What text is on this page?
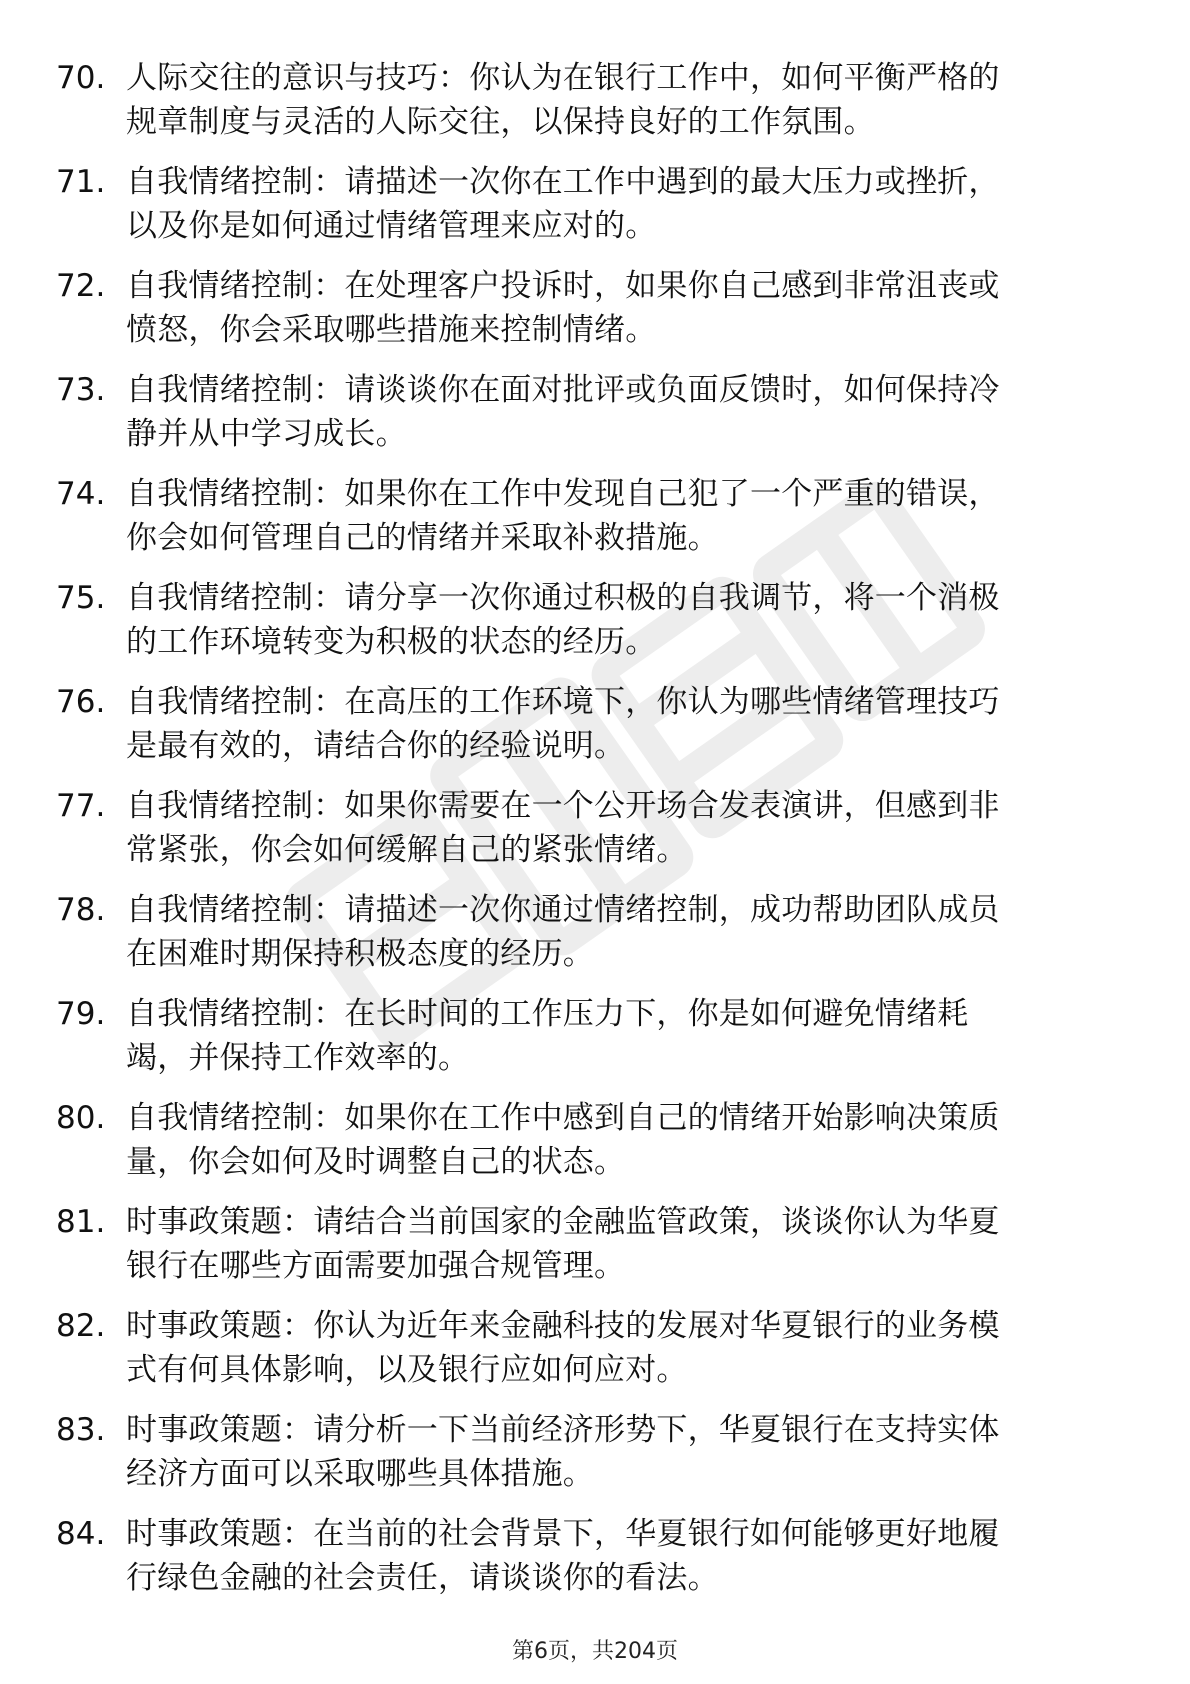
70. 人际交往的意识与技巧：你认为在银行工作中，如何平衡严格的
规章制度与灵活的人际交往，以保持良好的工作氛围。
71. 自我情绪控制：请描述一次你在工作中遇到的最大压力或挫折，
以及你是如何通过情绪管理来应对的。
72. 自我情绪控制：在处理客户投诉时，如果你自己感到非常沮丧或
愤怒，你会采取哪些措施来控制情绪。
73. 自我情绪控制：请谈谈你在面对批评或负面反馈时，如何保持冷
静并从中学习成长。
74. 自我情绪控制：如果你在工作中发现自己犯了一个严重的错误，
你会如何管理自己的情绪并采取补救措施。
75. 自我情绪控制：请分享一次你通过积极的自我调节，将一个消极
的工作环境转变为积极的状态的经历。
76. 自我情绪控制：在高压的工作环境下，你认为哪些情绪管理技巧
是最有效的，请结合你的经验说明。
77. 自我情绪控制：如果你需要在一个公开场合发表演讲，但感到非
常紧张，你会如何缓解自己的紧张情绪。
78. 自我情绪控制：请描述一次你通过情绪控制，成功帮助团队成员
在困难时期保持积极态度的经历。
79. 自我情绪控制：在长时间的工作压力下，你是如何避免情绪耗
竭，并保持工作效率的。
80. 自我情绪控制：如果你在工作中感到自己的情绪开始影响决策质
量，你会如何及时调整自己的状态。
81. 时事政策题：请结合当前国家的金融监管政策，谈谈你认为华夏
银行在哪些方面需要加强合规管理。
82. 时事政策题：你认为近年来金融科技的发展对华夏银行的业务模
式有何具体影响，以及银行应如何应对。
83. 时事政策题：请分析一下当前经济形势下，华夏银行在支持实体
经济方面可以采取哪些具体措施。
84. 时事政策题：在当前的社会背景下，华夏银行如何能够更好地履
行绿色金融的社会责任，请谈谈你的看法。
第6页，共204页
